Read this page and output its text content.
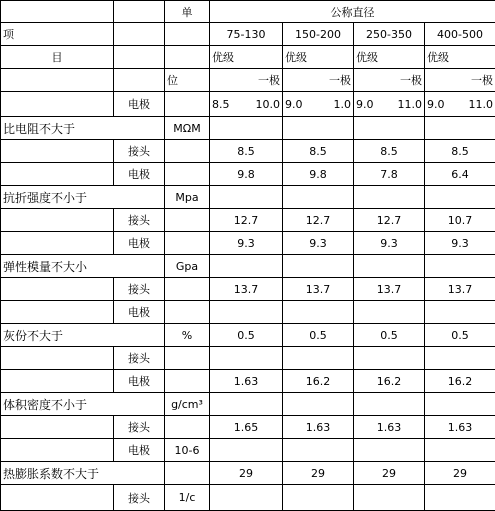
		单	公称直径			
项			75-130	150-200	250-350	400-500
目			优级	优级	优级	优级
		位	一极	一极	一极	一极
	电极		8.5 10.0	9.0 1.0	9.0 11.0	9.0 11.0

比电阻不大于		MΩM				
	接头		8.5	8.5	8.5	8.5
	电极		9.8	9.8	7.8	6.4
抗折强度不小于		Mpa				
	接头		12.7	12.7	12.7	10.7
	电极		9.3	9.3	9.3	9.3
弹性模量不大小		Gpa				
	接头		13.7	13.7	13.7	13.7
	电极					
灰份不大于		%	0.5	0.5	0.5	0.5
	接头					
	电极		1.63	16.2	16.2	16.2
体积密度不小于		g/cm³				
	接头		1.65	1.63	1.63	1.63
	电极	10-6				
热膨胀系数不大于			29	29	29	29
	接头	1/c				
